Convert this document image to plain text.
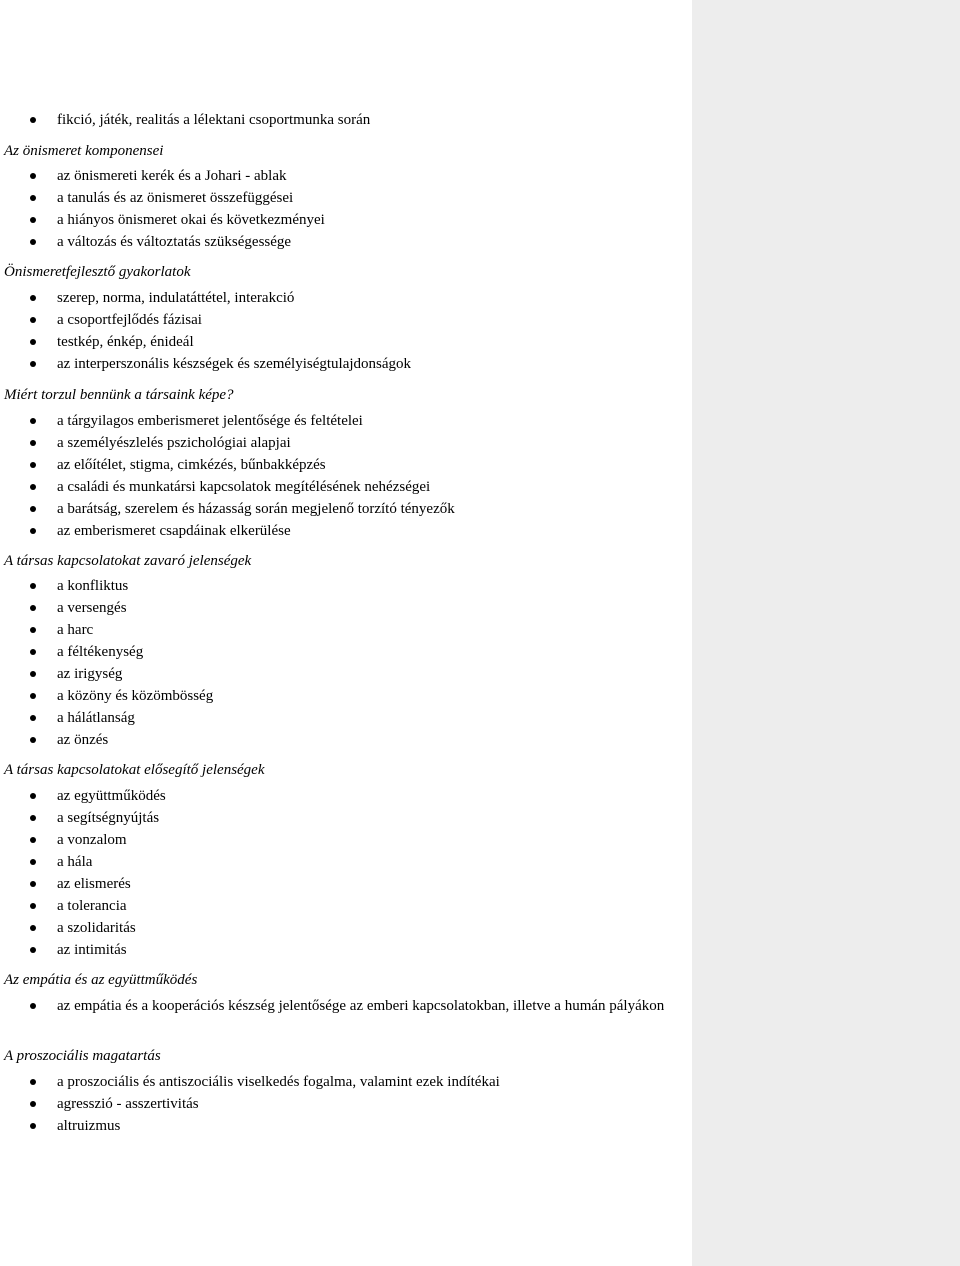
fikció, játék, realitás a lélektani csoportmunka során
Az önismeret komponensei
az önismereti kerék és a Johari - ablak
a tanulás és az önismeret összefüggései
a hiányos önismeret okai és következményei
a változás és változtatás szükségessége
Önismeretfejlesztő gyakorlatok
szerep, norma, indulatáttétel, interakció
a csoportfejlődés fázisai
testkép, énkép, énideál
az interperszonális készségek és személyiségtulajdonságok
Miért torzul bennünk a társaink képe?
a tárgyilagos emberismeret jelentősége és feltételei
a személyészlelés pszichológiai alapjai
az előítélet, stigma, cimkézés, bűnbakképzés
a családi és munkatársi kapcsolatok megítélésének nehézségei
a barátság, szerelem és házasság során megjelenő torzító tényezők
az emberismeret csapdáinak elkerülése
A társas kapcsolatokat zavaró jelenségek
a konfliktus
a versengés
a harc
a féltékenység
az irigység
a közöny és közömbösség
a hálátlanság
az önzés
A társas kapcsolatokat elősegítő jelenségek
az együttműködés
a segítségnyújtás
a vonzalom
a hála
az elismerés
a tolerancia
a szolidaritás
az intimitás
Az empátia és az együttműködés
az empátia és a kooperációs készség jelentősége az emberi kapcsolatokban, illetve a humán pályákon
A proszociális magatartás
a proszociális és antiszociális viselkedés fogalma, valamint ezek indítékai
agresszió - asszertivitás
altruizmus
